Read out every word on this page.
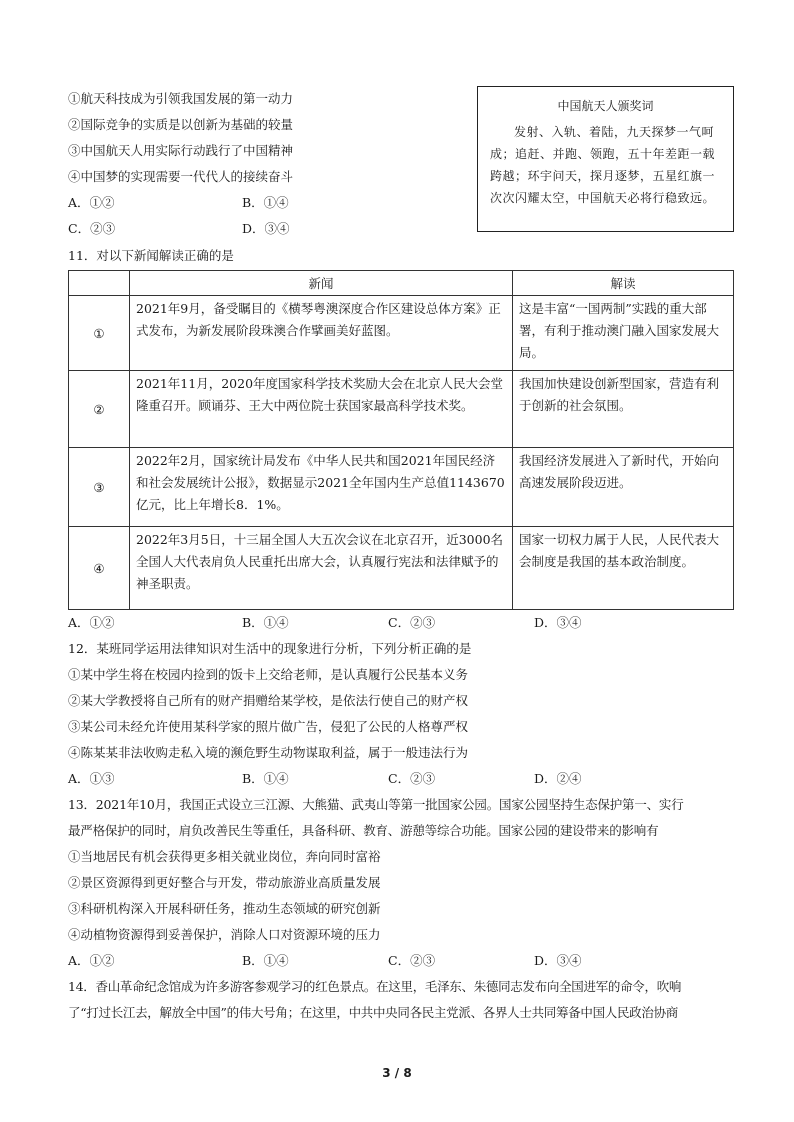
①航天科技成为引领我国发展的第一动力
②国际竞争的实质是以创新为基础的较量
③中国航天人用实际行动践行了中国精神
④中国梦的实现需要一代代人的接续奋斗
A．①②	B．①④
C．②③	D．③④
中国航天人颁奖词
发射、入轨、着陆，九天探梦一气呵成；追赶、并跑、领跑，五十年差距一载跨越；环宇问天，探月逐梦，五星红旗一次次闪耀太空，中国航天必将行稳致远。
11．对以下新闻解读正确的是
	新闻	解读
①	2021年9月，备受瞩目的《横琴粤澳深度合作区建设总体方案》正式发布，为新发展阶段珠澳合作擘画美好蓝图。	这是丰富“一国两制”实践的重大部署，有利于推动澳门融入国家发展大局。
②	2021年11月，2020年度国家科学技术奖励大会在北京人民大会堂隆重召开。顾诵芬、王大中两位院士获国家最高科学技术奖。	我国加快建设创新型国家，营造有利于创新的社会氛围。
③	2022年2月，国家统计局发布《中华人民共和国2021年国民经济和社会发展统计公报》，数据显示2021全年国内生产总值1143670亿元，比上年增长8．1%。	我国经济发展进入了新时代，开始向高速发展阶段迈进。
④	2022年3月5日，十三届全国人大五次会议在北京召开，近3000名全国人大代表肩负人民重托出席大会，认真履行宪法和法律赋予的神圣职责。	国家一切权力属于人民，人民代表大会制度是我国的基本政治制度。
A．①②	B．①④	C．②③	D．③④
12．某班同学运用法律知识对生活中的现象进行分析，下列分析正确的是
①某中学生将在校园内捡到的饭卡上交给老师，是认真履行公民基本义务
②某大学教授将自己所有的财产捐赠给某学校，是依法行使自己的财产权
③某公司未经允许使用某科学家的照片做广告，侵犯了公民的人格尊严权
④陈某某非法收购走私入境的濒危野生动物谋取利益，属于一般违法行为
A．①③	B．①④	C．②③	D．②④
13．2021年10月，我国正式设立三江源、大熊猫、武夷山等第一批国家公园。国家公园坚持生态保护第一、实行
最严格保护的同时，肩负改善民生等重任，具备科研、教育、游憩等综合功能。国家公园的建设带来的影响有
①当地居民有机会获得更多相关就业岗位，奔向同时富裕
②景区资源得到更好整合与开发，带动旅游业高质量发展
③科研机构深入开展科研任务，推动生态领域的研究创新
④动植物资源得到妥善保护，消除人口对资源环境的压力
A．①②	B．①④	C．②③	D．③④
14．香山革命纪念馆成为许多游客参观学习的红色景点。在这里，毛泽东、朱德同志发布向全国进军的命令，吹响
了“打过长江去，解放全中国”的伟大号角；在这里，中共中央同各民主党派、各界人士共同筹备中国人民政治协商
3 / 8
